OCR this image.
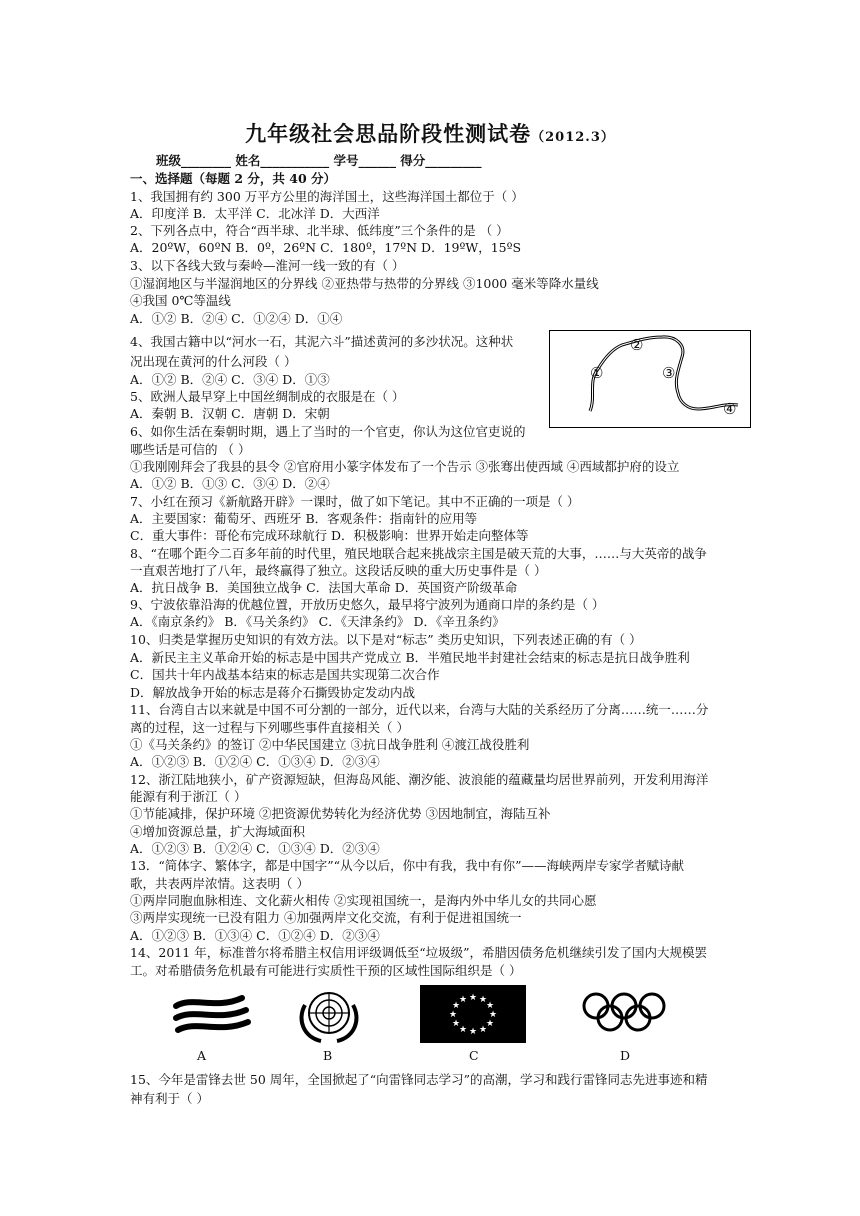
九年级社会思品阶段性测试卷（2012.3）
班级________ 姓名___________ 学号______ 得分_________
一、选择题（每题 2 分，共 40 分）
1、我国拥有约 300 万平方公里的海洋国土，这些海洋国土都位于（ ）
A．印度洋 B．太平洋 C．北冰洋 D．大西洋
2、下列各点中，符合“西半球、北半球、低纬度”三个条件的是 （ ）
A．20ºW，60ºN B．0º，26ºN C．180º，17ºN D．19ºW，15ºS
3、以下各线大致与秦岭—淮河一线一致的有（ ）
①湿润地区与半湿润地区的分界线 ②亚热带与热带的分界线 ③1000 毫米等降水量线
④我国 0℃等温线
A．①② B．②④ C．①②④ D．①④
4、我国古籍中以“河水一石，其泥六斗”描述黄河的多沙状况。这种状
况出现在黄河的什么河段（ ）
A．①② B．②④ C．③④ D．①③
5、欧洲人最早穿上中国丝绸制成的衣服是在（ ）
A．秦朝 B．汉朝 C．唐朝 D．宋朝
6、如你生活在秦朝时期，遇上了当时的一个官吏，你认为这位官吏说的
哪些话是可信的 （ ）
①我刚刚拜会了我县的县令 ②官府用小篆字体发布了一个告示 ③张骞出使西域 ④西域都护府的设立
A．①② B．①③ C．③④ D．②④
7、小红在预习《新航路开辟》一课时，做了如下笔记。其中不正确的一项是（ ）
A．主要国家：葡萄牙、西班牙 B．客观条件：指南针的应用等
C．重大事件：哥伦布完成环球航行 D．积极影响：世界开始走向整体等
8、“在哪个距今二百多年前的时代里，殖民地联合起来挑战宗主国是破天荒的大事，……与大英帝的战争
一直艰苦地打了八年，最终赢得了独立。这段话反映的重大历史事件是（ ）
A．抗日战争 B．美国独立战争 C．法国大革命 D．英国资产阶级革命
9、宁波依靠沿海的优越位置，开放历史悠久，最早将宁波列为通商口岸的条约是（ ）
A．《南京条约》 B．《马关条约》 C．《天津条约》 D．《辛丑条约》
10、归类是掌握历史知识的有效方法。以下是对“标志” 类历史知识，下列表述正确的有（ ）
A．新民主主义革命开始的标志是中国共产党成立 B．半殖民地半封建社会结束的标志是抗日战争胜利
C．国共十年内战基本结束的标志是国共实现第二次合作
D．解放战争开始的标志是蒋介石撕毁协定发动内战
11、台湾自古以来就是中国不可分割的一部分，近代以来，台湾与大陆的关系经历了分离……统一……分
离的过程，这一过程与下列哪些事件直接相关（ ）
①《马关条约》的签订 ②中华民国建立 ③抗日战争胜利 ④渡江战役胜利
A．①②③ B．①②④ C．①③④ D．②③④
12、浙江陆地狭小，矿产资源短缺，但海岛风能、潮汐能、波浪能的蕴藏量均居世界前列，开发利用海洋
能源有利于浙江（ ）
①节能减排，保护环境 ②把资源优势转化为经济优势 ③因地制宜，海陆互补
④增加资源总量，扩大海域面积
A．①②③ B．①②④ C．①③④ D．②③④
13．“简体字、繁体字，都是中国字”“从今以后，你中有我，我中有你”——海峡两岸专家学者赋诗献
歌，共表两岸浓情。这表明（ ）
①两岸同胞血脉相连、文化薪火相传 ②实现祖国统一，是海内外中华儿女的共同心愿
③两岸实现统一已没有阻力 ④加强两岸文化交流，有利于促进祖国统一
A．①②③ B．①③④ C．①②④ D．②③④
14、2011 年，标准普尔将希腊主权信用评级调低至“垃圾级”，希腊因债务危机继续引发了国内大规模罢
工。对希腊债务危机最有可能进行实质性干预的区域性国际组织是（ ）
15、今年是雷锋去世 50 周年，全国掀起了“向雷锋同志学习”的高潮，学习和践行雷锋同志先进事迹和精
神有利于（ ）
①
②
③
④
★ ★
★
★
★
★
★
★
★
★
★
★
A	B	C	D
